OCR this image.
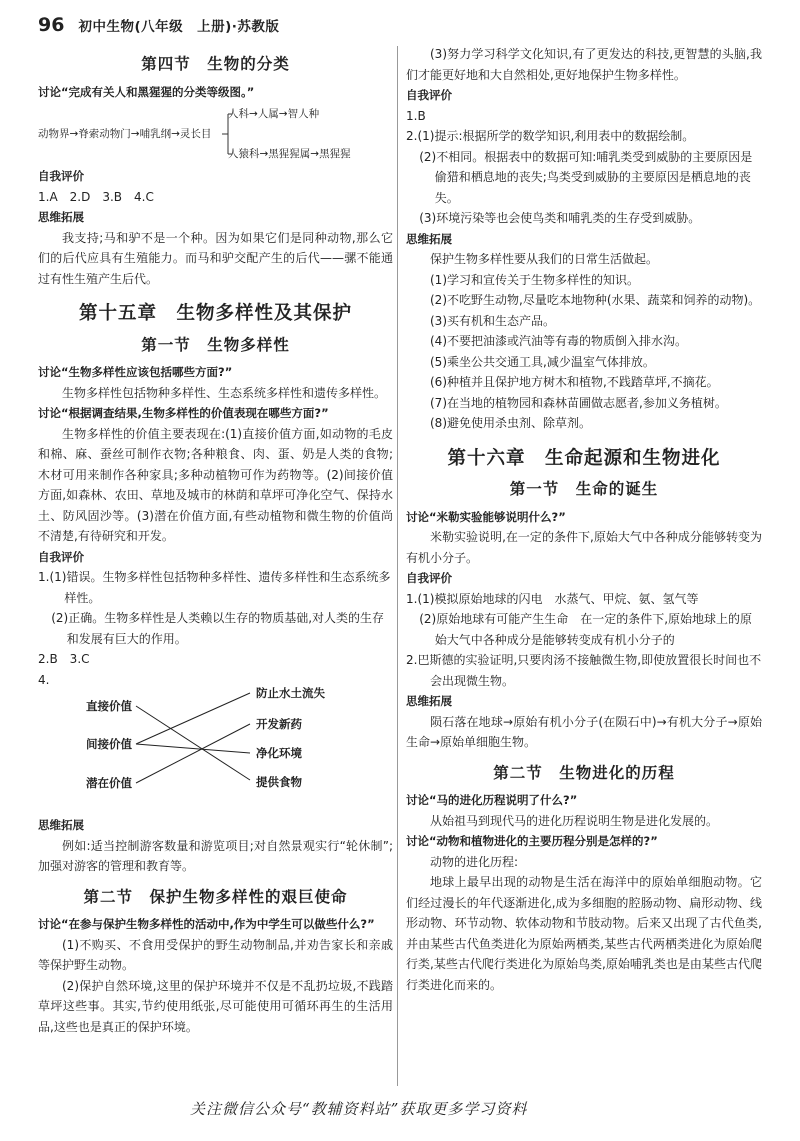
96 初中生物(八年级　上册)·苏教版
第四节　生物的分类
讨论“完成有关人和黑猩猩的分类等级图。”
人科→人属→智人种
动物界→脊索动物门→哺乳纲→灵长目
人猿科→黑猩猩属→黑猩猩
自我评价
1.A　2.D　3.B　4.C
思维拓展
我支持;马和驴不是一个种。因为如果它们是同种动物,那么它们的后代应具有生殖能力。而马和驴交配产生的后代——骡不能通过有性生殖产生后代。
第十五章　生物多样性及其保护
第一节　生物多样性
讨论“生物多样性应该包括哪些方面?”
生物多样性包括物种多样性、生态系统多样性和遗传多样性。
讨论“根据调查结果,生物多样性的价值表现在哪些方面?”
生物多样性的价值主要表现在:(1)直接价值方面,如动物的毛皮和棉、麻、蚕丝可制作衣物;各种粮食、肉、蛋、奶是人类的食物;木材可用来制作各种家具;多种动植物可作为药物等。(2)间接价值方面,如森林、农田、草地及城市的林荫和草坪可净化空气、保持水土、防风固沙等。(3)潜在价值方面,有些动植物和微生物的价值尚不清楚,有待研究和开发。
自我评价
1.(1)错误。生物多样性包括物种多样性、遗传多样性和生态系统多样性。
(2)正确。生物多样性是人类赖以生存的物质基础,对人类的生存和发展有巨大的作用。
2.B　3.C
4.
直接价值
间接价值
潜在价值
防止水土流失
开发新药
净化环境
提供食物
思维拓展
例如:适当控制游客数量和游览项目;对自然景观实行“轮休制”;加强对游客的管理和教育等。
第二节　保护生物多样性的艰巨使命
讨论“在参与保护生物多样性的活动中,作为中学生可以做些什么?”
(1)不购买、不食用受保护的野生动物制品,并劝告家长和亲戚等保护野生动物。
(2)保护自然环境,这里的保护环境并不仅是不乱扔垃圾,不践踏草坪这些事。其实,节约使用纸张,尽可能使用可循环再生的生活用品,这些也是真正的保护环境。
(3)努力学习科学文化知识,有了更发达的科技,更智慧的头脑,我们才能更好地和大自然相处,更好地保护生物多样性。
自我评价
1.B
2.(1)提示:根据所学的数学知识,利用表中的数据绘制。
(2)不相同。根据表中的数据可知:哺乳类受到威胁的主要原因是偷猎和栖息地的丧失;鸟类受到威胁的主要原因是栖息地的丧失。
(3)环境污染等也会使鸟类和哺乳类的生存受到威胁。
思维拓展
保护生物多样性要从我们的日常生活做起。
(1)学习和宣传关于生物多样性的知识。
(2)不吃野生动物,尽量吃本地物种(水果、蔬菜和饲养的动物)。
(3)买有机和生态产品。
(4)不要把油漆或汽油等有毒的物质倒入排水沟。
(5)乘坐公共交通工具,减少温室气体排放。
(6)种植并且保护地方树木和植物,不践踏草坪,不摘花。
(7)在当地的植物园和森林苗圃做志愿者,参加义务植树。
(8)避免使用杀虫剂、除草剂。
第十六章　生命起源和生物进化
第一节　生命的诞生
讨论“米勒实验能够说明什么?”
米勒实验说明,在一定的条件下,原始大气中各种成分能够转变为有机小分子。
自我评价
1.(1)模拟原始地球的闪电　水蒸气、甲烷、氨、氢气等
(2)原始地球有可能产生生命　在一定的条件下,原始地球上的原始大气中各种成分是能够转变成有机小分子的
2.巴斯德的实验证明,只要肉汤不接触微生物,即使放置很长时间也不会出现微生物。
思维拓展
陨石落在地球→原始有机小分子(在陨石中)→有机大分子→原始生命→原始单细胞生物。
第二节　生物进化的历程
讨论“马的进化历程说明了什么?”
从始祖马到现代马的进化历程说明生物是进化发展的。
讨论“动物和植物进化的主要历程分别是怎样的?”
动物的进化历程:
地球上最早出现的动物是生活在海洋中的原始单细胞动物。它们经过漫长的年代逐渐进化,成为多细胞的腔肠动物、扁形动物、线形动物、环节动物、软体动物和节肢动物。后来又出现了古代鱼类,并由某些古代鱼类进化为原始两栖类,某些古代两栖类进化为原始爬行类,某些古代爬行类进化为原始鸟类,原始哺乳类也是由某些古代爬行类进化而来的。
关注微信公众号“教辅资料站”获取更多学习资料
